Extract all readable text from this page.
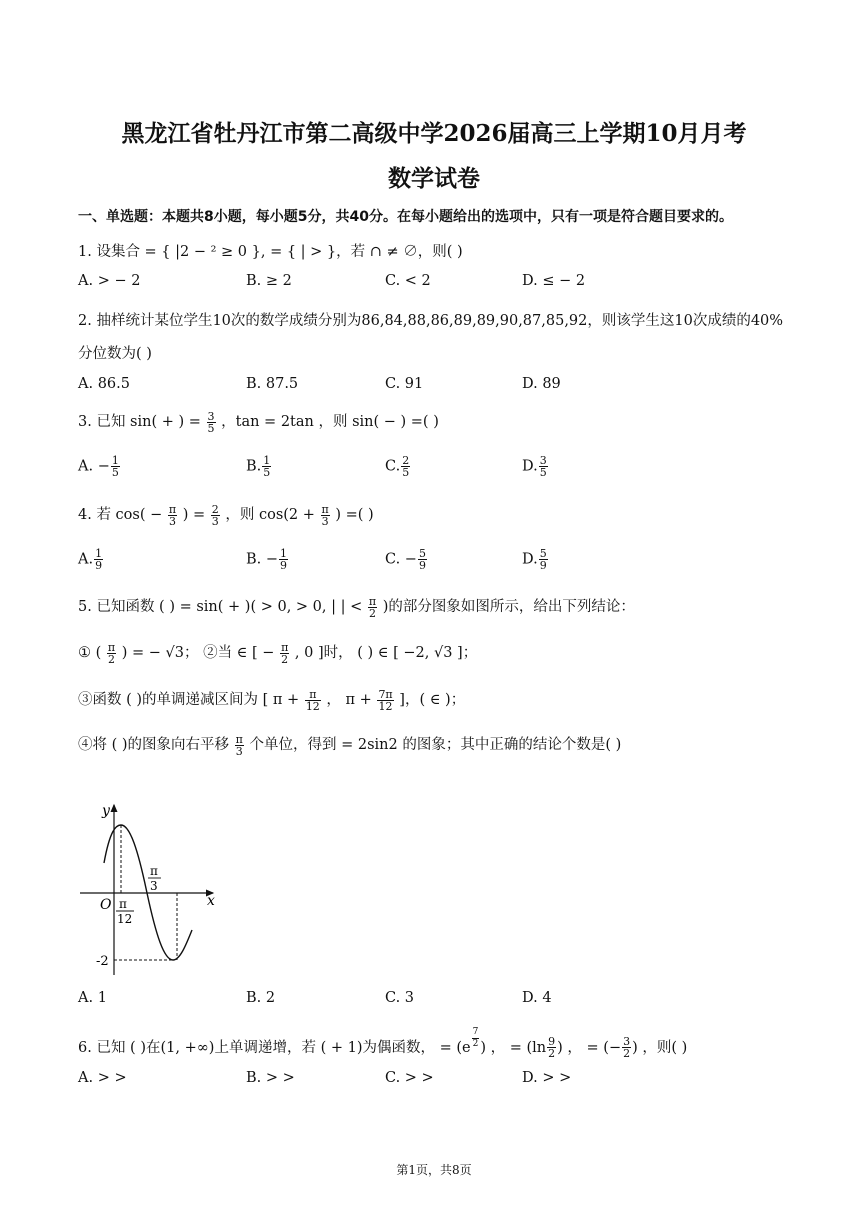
黑龙江省牡丹江市第二高级中学2026届高三上学期10月月考
数学试卷
一、单选题：本题共8小题，每小题5分，共40分。在每小题给出的选项中，只有一项是符合题目要求的。
1. 设集合 = { |2 − ² ≥ 0 }, = { | > }，若 ∩ ≠ ∅，则( )
A. > − 2	B. ≥ 2	C. < 2	D. ≤ − 2
2. 抽样统计某位学生10次的数学成绩分别为86,84,88,86,89,89,90,87,85,92，则该学生这10次成绩的40%
分位数为( )
A. 86.5	B. 87.5	C. 91	D. 89
3. 已知 sin( + ) = $\frac{3}{5}$ ，tan = 2tan ，则 sin( − ) =( )
A. − $\frac{1}{5}$	B. $\frac{1}{5}$	C. $\frac{2}{5}$	D. $\frac{3}{5}$
4. 若 $\cos( - \frac{\pi}{3}$ ) = $\frac{2}{3}$ ，则 $\cos(2 + \frac{\pi}{3}$ ) =( )
A. $\frac{1}{9}$	B. − $\frac{1}{9}$	C. − $\frac{5}{9}$	D. $\frac{5}{9}$
5. 已知函数 ( ) = sin( + )( > 0, > 0, | | < $\frac{\pi}{2}$ )的部分图象如图所示，给出下列结论：
① ( $\frac{\pi}{2}$ ) = − √3； ②当 ∈ [ − $\frac{\pi}{2}$ , 0 ]时， ( ) ∈ [ −2, √3 ]；
③函数 ( )的单调递减区间为 [ $\pi + \frac{\pi}{12}$ ， $\pi + \frac{7\pi}{12}$ ]，( ∈ )；
④将 ( )的图象向右平移 $\frac{\pi}{3}$ 个单位，得到 = 2sin2 的图象；其中正确的结论个数是( )
y
x
O
π
3
π
12
-2
A. 1	B. 2	C. 3	D. 4
6. 已知 ( )在(1, +∞)上单调递增，若 ( + 1)为偶函数， = ($e \frac{7}{2}$ ) ， = ($\ln \frac{9}{2}$ ) ， = (− $\frac{3}{2}$ ) ，则( )
A. > >	B. > >	C. > >	D. > >
第1页，共8页
